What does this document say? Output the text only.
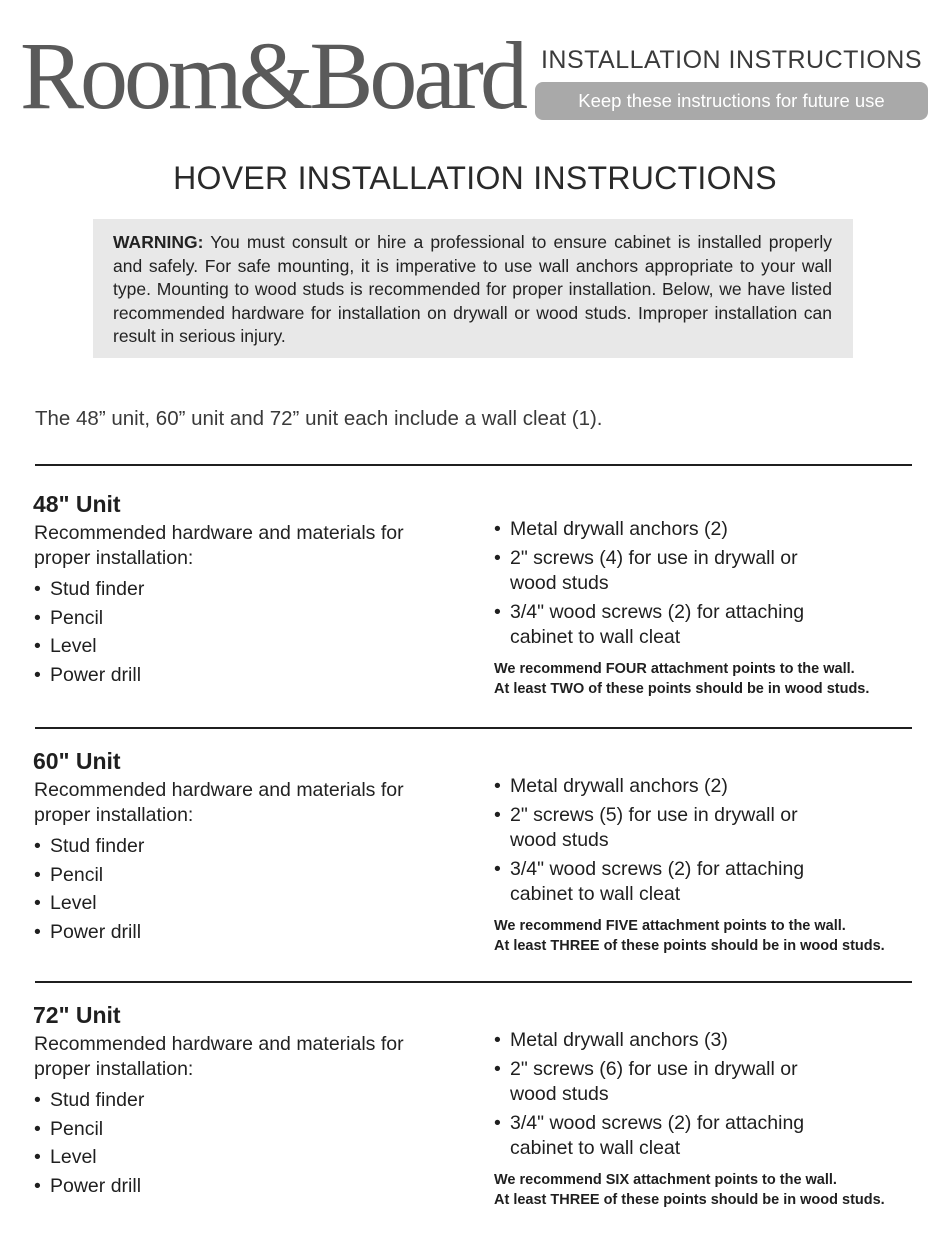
Room&Board INSTALLATION INSTRUCTIONS
Keep these instructions for future use
HOVER INSTALLATION INSTRUCTIONS
WARNING: You must consult or hire a professional to ensure cabinet is installed properly and safely. For safe mounting, it is imperative to use wall anchors appropriate to your wall type. Mounting to wood studs is recommended for proper installation. Below, we have listed recommended hardware for installation on drywall or wood studs. Improper installation can result in serious injury.
The 48” unit, 60” unit and 72” unit each include a wall cleat (1).
48" Unit
Recommended hardware and materials for proper installation:
• Stud finder
• Pencil
• Level
• Power drill
• Metal drywall anchors (2)
• 2" screws (4) for use in drywall or wood studs
• 3/4" wood screws (2) for attaching cabinet to wall cleat
We recommend FOUR attachment points to the wall.
At least TWO of these points should be in wood studs.
60" Unit
Recommended hardware and materials for proper installation:
• Stud finder
• Pencil
• Level
• Power drill
• Metal drywall anchors (2)
• 2" screws (5) for use in drywall or wood studs
• 3/4" wood screws (2) for attaching cabinet to wall cleat
We recommend FIVE attachment points to the wall.
At least THREE of these points should be in wood studs.
72" Unit
Recommended hardware and materials for proper installation:
• Stud finder
• Pencil
• Level
• Power drill
• Metal drywall anchors (3)
• 2" screws (6) for use in drywall or wood studs
• 3/4" wood screws (2) for attaching cabinet to wall cleat
We recommend SIX attachment points to the wall.
At least THREE of these points should be in wood studs.
